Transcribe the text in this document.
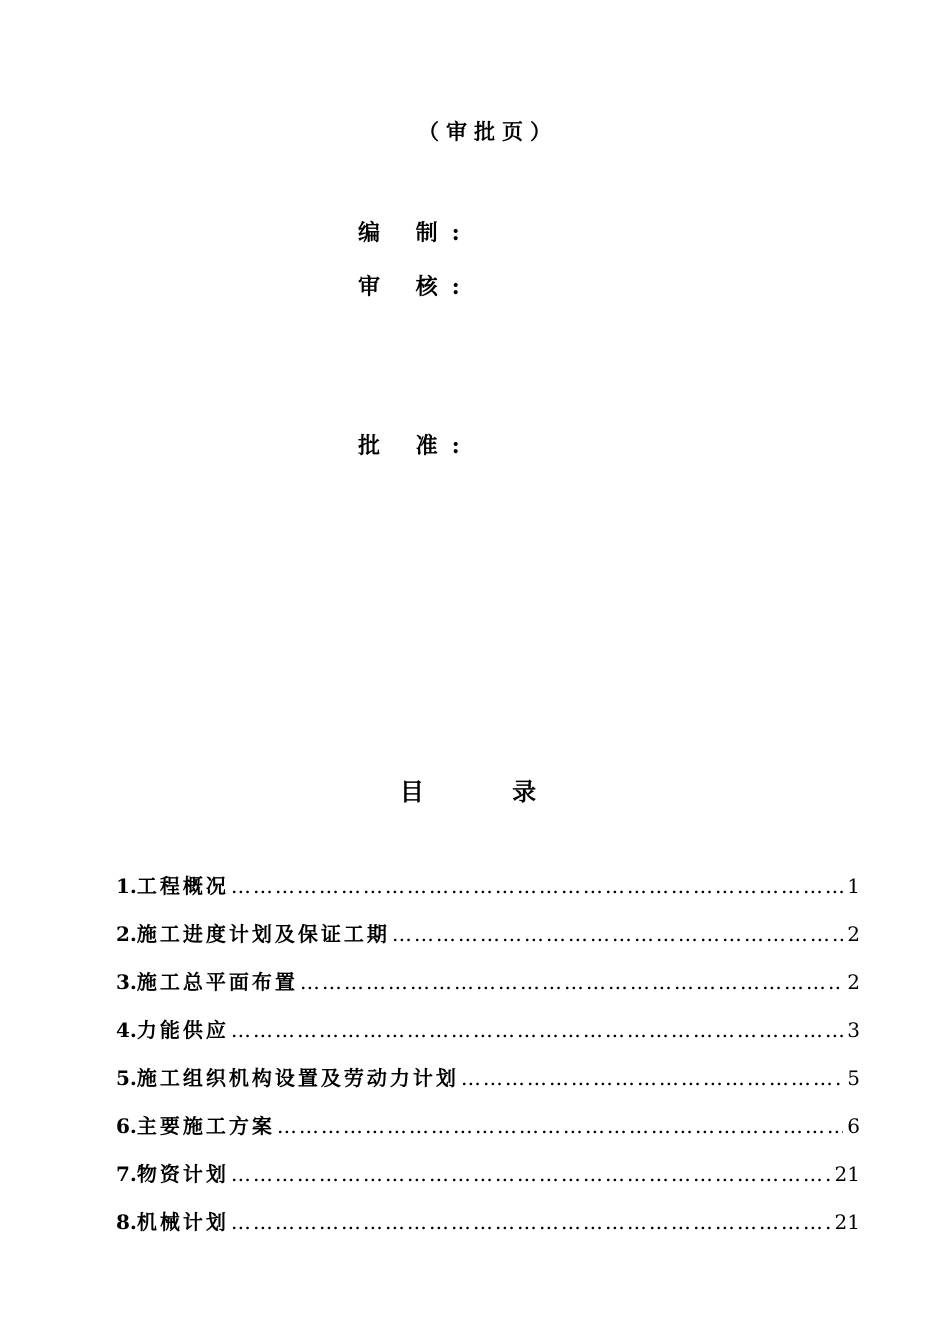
（审批页）
编 制:
审 核:
批 准:
目 录
1. 工程概况 …………………………………………………………………………………………………………………………………………	1
2. 施工进度计划及保证工期 …………………………………………………………………………………………………………………………………………	2
3. 施工总平面布置 …………………………………………………………………………………………………………………………………………	2
4. 力能供应 …………………………………………………………………………………………………………………………………………	3
5. 施工组织机构设置及劳动力计划 …………………………………………………………………………………………………………………………………………	5
6. 主要施工方案 …………………………………………………………………………………………………………………………………………	6
7. 物资计划 …………………………………………………………………………………………………………………………………………	21
8. 机械计划 …………………………………………………………………………………………………………………………………………	21
